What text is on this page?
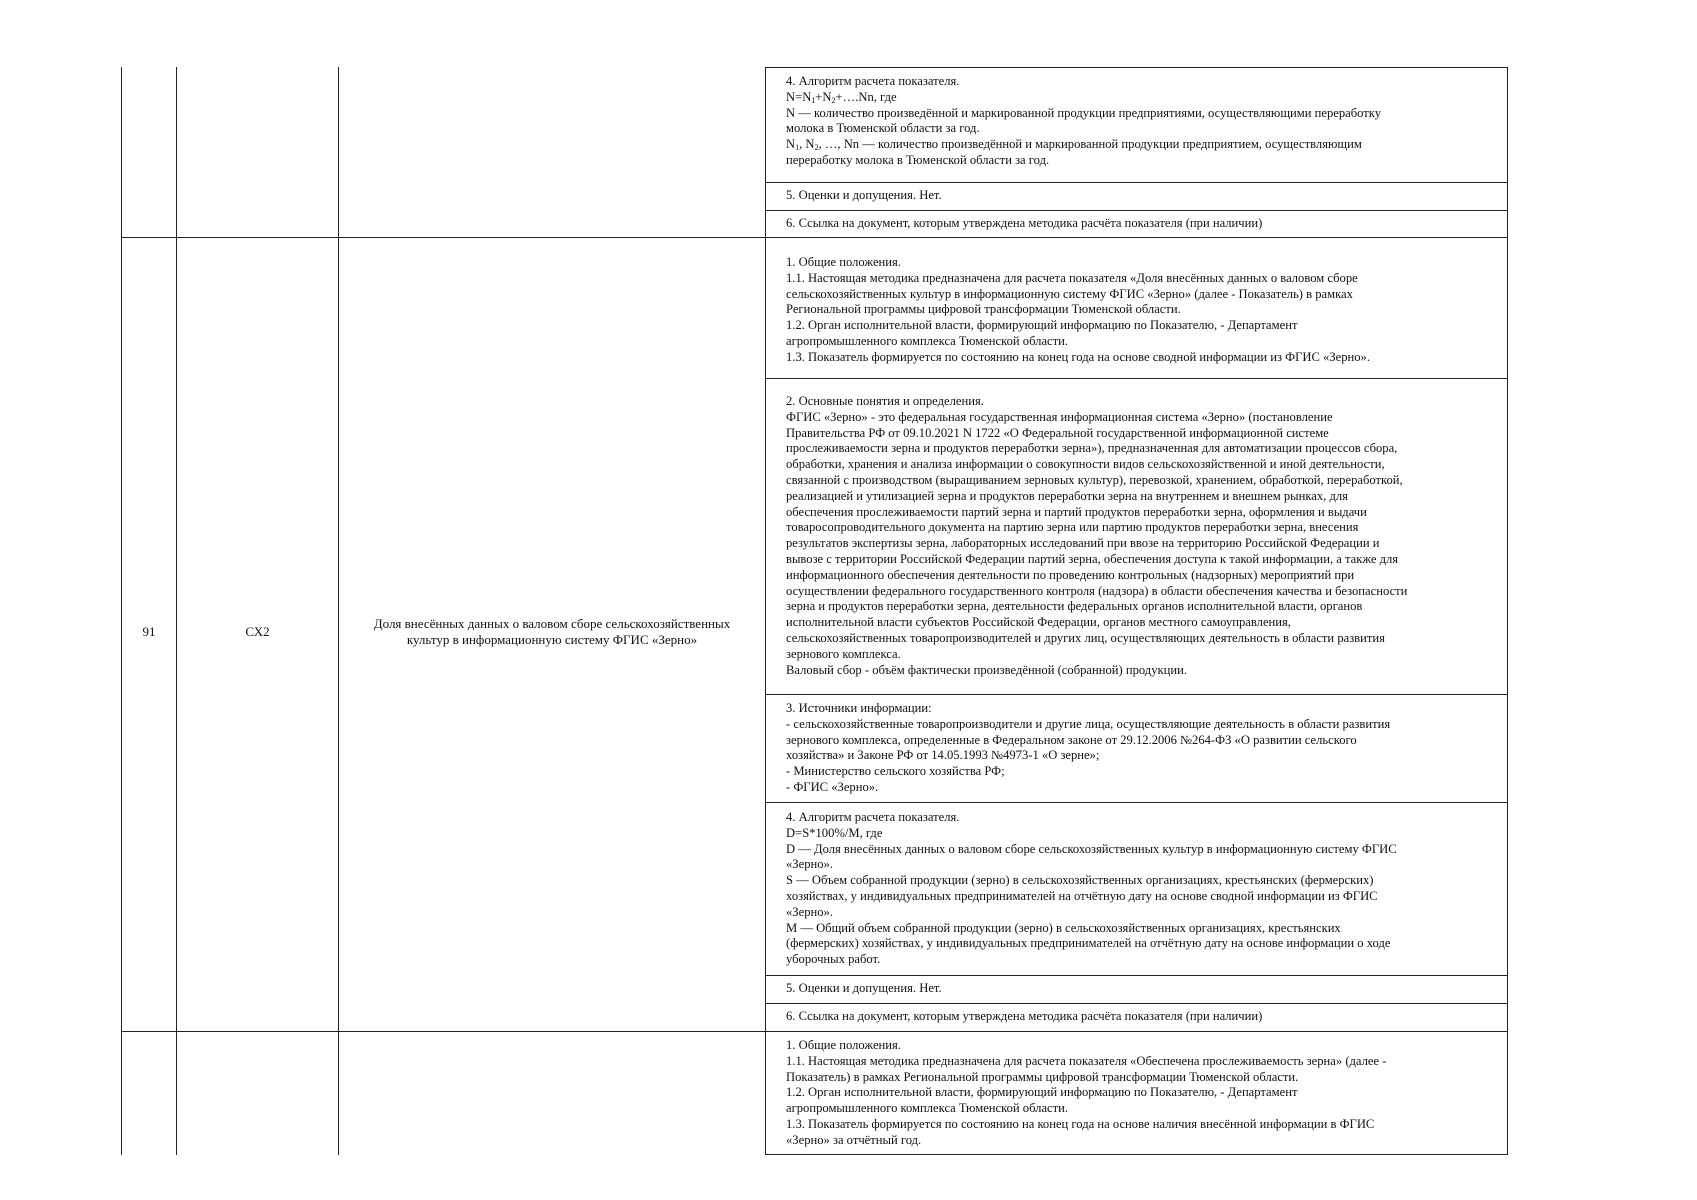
4. Алгоритм расчета показателя.
$N=N_1+N_2+\dots.Nn$, где
N — количество произведённой и маркированной продукции предприятиями, осуществляющими переработку
молока в Тюменской области за год.
$N_1$, $N_2$, …, Nn — количество произведённой и маркированной продукции предприятием, осуществляющим
переработку молока в Тюменской области за год.
5. Оценки и допущения. Нет.
6. Ссылка на документ, которым утверждена методика расчёта показателя (при наличии)
91	СХ2
Доля внесённых данных о валовом сборе сельскохозяйственных
культур в информационную систему ФГИС «Зерно»
1. Общие положения.
1.1. Настоящая методика предназначена для расчета показателя «Доля внесённых данных о валовом сборе
сельскохозяйственных культур в информационную систему ФГИС «Зерно» (далее - Показатель) в рамках
Региональной программы цифровой трансформации Тюменской области.
1.2. Орган исполнительной власти, формирующий информацию по Показателю, - Департамент
агропромышленного комплекса Тюменской области.
1.3. Показатель формируется по состоянию на конец года на основе сводной информации из ФГИС «Зерно».
2. Основные понятия и определения.
ФГИС «Зерно» - это федеральная государственная информационная система «Зерно» (постановление
Правительства РФ от 09.10.2021 N 1722 «О Федеральной государственной информационной системе
прослеживаемости зерна и продуктов переработки зерна»), предназначенная для автоматизации процессов сбора,
обработки, хранения и анализа информации о совокупности видов сельскохозяйственной и иной деятельности,
связанной с производством (выращиванием зерновых культур), перевозкой, хранением, обработкой, переработкой,
реализацией и утилизацией зерна и продуктов переработки зерна на внутреннем и внешнем рынках, для
обеспечения прослеживаемости партий зерна и партий продуктов переработки зерна, оформления и выдачи
товаросопроводительного документа на партию зерна или партию продуктов переработки зерна, внесения
результатов экспертизы зерна, лабораторных исследований при ввозе на территорию Российской Федерации и
вывозе с территории Российской Федерации партий зерна, обеспечения доступа к такой информации, а также для
информационного обеспечения деятельности по проведению контрольных (надзорных) мероприятий при
осуществлении федерального государственного контроля (надзора) в области обеспечения качества и безопасности
зерна и продуктов переработки зерна, деятельности федеральных органов исполнительной власти, органов
исполнительной власти субъектов Российской Федерации, органов местного самоуправления,
сельскохозяйственных товаропроизводителей и других лиц, осуществляющих деятельность в области развития
зернового комплекса.
Валовый сбор - объём фактически произведённой (собранной) продукции.
3. Источники информации:
- сельскохозяйственные товаропроизводители и другие лица, осуществляющие деятельность в области развития
зернового комплекса, определенные в Федеральном законе от 29.12.2006 №264-ФЗ «О развитии сельского
хозяйства» и Законе РФ от 14.05.1993 №4973-1 «О зерне»;
- Министерство сельского хозяйства РФ;
- ФГИС «Зерно».
4. Алгоритм расчета показателя.
D=S*100%/M, где
D — Доля внесённых данных о валовом сборе сельскохозяйственных культур в информационную систему ФГИС
«Зерно».
S — Объем собранной продукции (зерно) в сельскохозяйственных организациях, крестьянских (фермерских)
хозяйствах, у индивидуальных предпринимателей на отчётную дату на основе сводной информации из ФГИС
«Зерно».
M — Общий объем собранной продукции (зерно) в сельскохозяйственных организациях, крестьянских
(фермерских) хозяйствах, у индивидуальных предпринимателей на отчётную дату на основе информации о ходе
уборочных работ.
5. Оценки и допущения. Нет.
6. Ссылка на документ, которым утверждена методика расчёта показателя (при наличии)
1. Общие положения.
1.1. Настоящая методика предназначена для расчета показателя «Обеспечена прослеживаемость зерна» (далее -
Показатель) в рамках Региональной программы цифровой трансформации Тюменской области.
1.2. Орган исполнительной власти, формирующий информацию по Показателю, - Департамент
агропромышленного комплекса Тюменской области.
1.3. Показатель формируется по состоянию на конец года на основе наличия внесённой информации в ФГИС
«Зерно» за отчётный год.
